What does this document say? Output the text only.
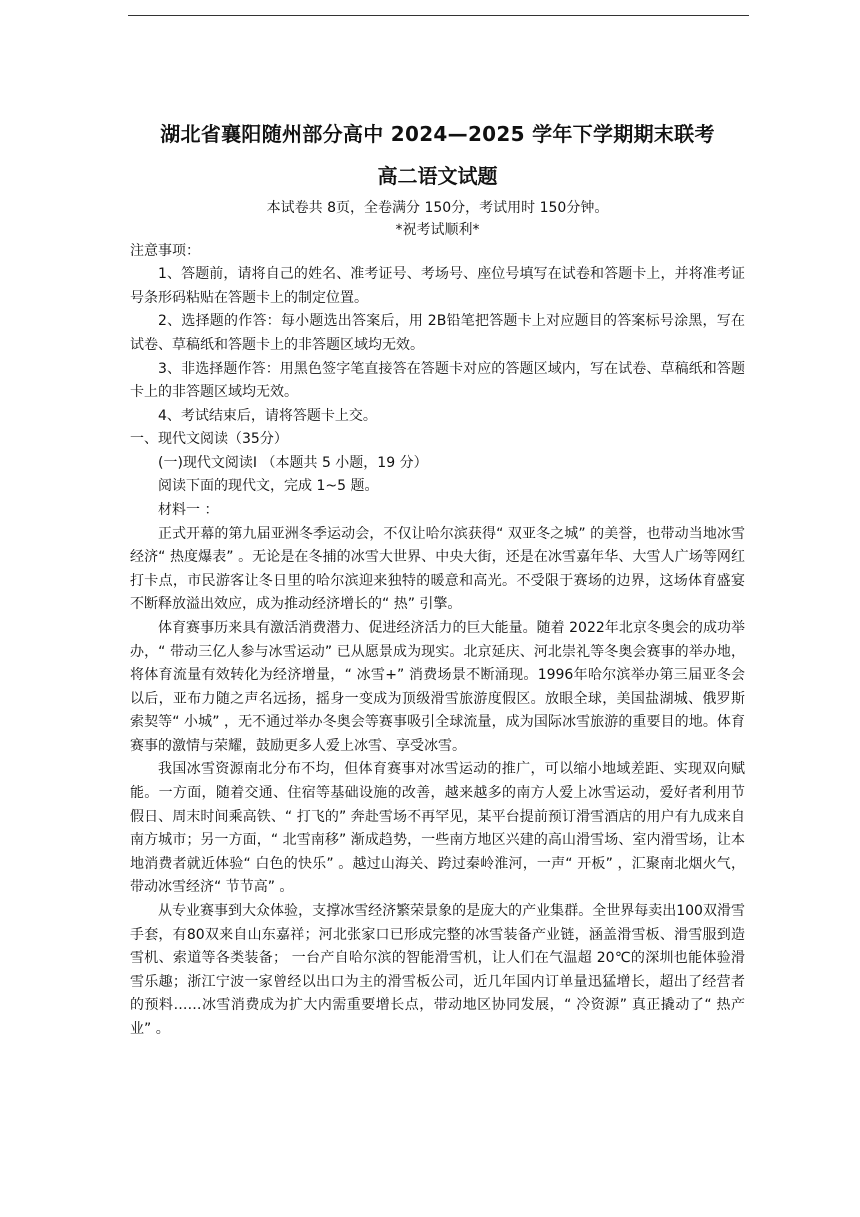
湖北省襄阳随州部分高中 2024—2025 学年下学期期末联考
高二语文试题
本试卷共 8页，全卷满分 150分，考试用时 150分钟。
*祝考试顺利*

注意事项：

1、答题前，请将自己的姓名、准考证号、考场号、座位号填写在试卷和答题卡上，并将准考证号条形码粘贴在答题卡上的制定位置。

2、选择题的作答：每小题选出答案后，用 2B铅笔把答题卡上对应题目的答案标号涂黑，写在试卷、草稿纸和答题卡上的非答题区域均无效。

3、非选择题作答：用黑色签字笔直接答在答题卡对应的答题区域内，写在试卷、草稿纸和答题卡上的非答题区域均无效。

4、考试结束后，请将答题卡上交。

一、现代文阅读（35分）

(一)现代文阅读Ⅰ （本题共 5 小题，19 分）

阅读下面的现代文，完成 1~5 题。

材料一 ：

正式开幕的第九届亚洲冬季运动会，不仅让哈尔滨获得“ 双亚冬之城” 的美誉，也带动当地冰雪经济“ 热度爆表” 。无论是在冬捕的冰雪大世界、中央大街，还是在冰雪嘉年华、大雪人广场等网红打卡点，市民游客让冬日里的哈尔滨迎来独特的暖意和高光。不受限于赛场的边界，这场体育盛宴不断释放溢出效应，成为推动经济增长的“ 热” 引擎。

体育赛事历来具有激活消费潜力、促进经济活力的巨大能量。随着 2022年北京冬奥会的成功举办，“ 带动三亿人参与冰雪运动” 已从愿景成为现实。北京延庆、河北崇礼等冬奥会赛事的举办地，将体育流量有效转化为经济增量，“ 冰雪+” 消费场景不断涌现。1996年哈尔滨举办第三届亚冬会以后，亚布力随之声名远扬，摇身一变成为顶级滑雪旅游度假区。放眼全球，美国盐湖城、俄罗斯索契等“ 小城” ，无不通过举办冬奥会等赛事吸引全球流量，成为国际冰雪旅游的重要目的地。体育赛事的激情与荣耀，鼓励更多人爱上冰雪、享受冰雪。

我国冰雪资源南北分布不均，但体育赛事对冰雪运动的推广，可以缩小地域差距、实现双向赋能。一方面，随着交通、住宿等基础设施的改善，越来越多的南方人爱上冰雪运动，爱好者利用节假日、周末时间乘高铁、“ 打飞的” 奔赴雪场不再罕见，某平台提前预订滑雪酒店的用户有九成来自南方城市；另一方面，“ 北雪南移” 渐成趋势，一些南方地区兴建的高山滑雪场、室内滑雪场，让本地消费者就近体验“ 白色的快乐” 。越过山海关、跨过秦岭淮河，一声“ 开板” ，汇聚南北烟火气，带动冰雪经济“ 节节高” 。

从专业赛事到大众体验，支撑冰雪经济繁荣景象的是庞大的产业集群。全世界每卖出100双滑雪手套，有80双来自山东嘉祥；河北张家口已形成完整的冰雪装备产业链，涵盖滑雪板、滑雪服到造雪机、索道等各类装备； 一台产自哈尔滨的智能滑雪机，让人们在气温超 20℃的深圳也能体验滑雪乐趣；浙江宁波一家曾经以出口为主的滑雪板公司，近几年国内订单量迅猛增长，超出了经营者的预料……冰雪消费成为扩大内需重要增长点，带动地区协同发展，“ 冷资源” 真正撬动了“ 热产业” 。
